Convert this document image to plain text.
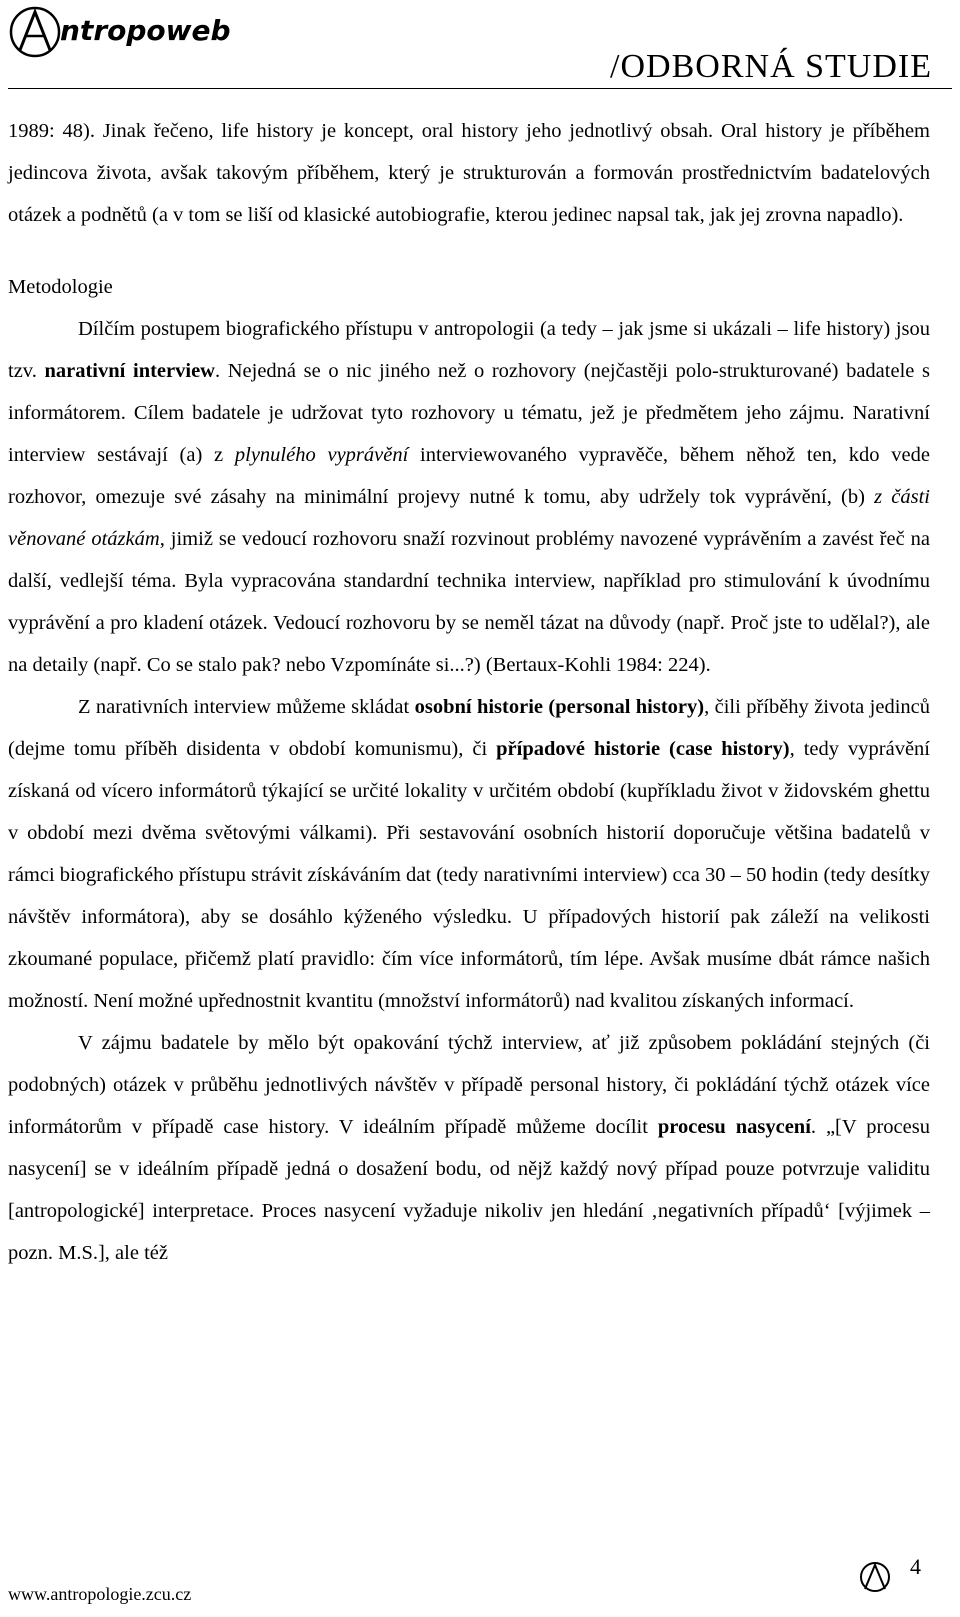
ntropoweb
/ODBORNÁ STUDIE

1989: 48). Jinak řečeno, life history je koncept, oral history jeho jednotlivý obsah. Oral history je příběhem jedincova života, avšak takovým příběhem, který je strukturován a formován prostřednictvím badatelových otázek a podnětů (a v tom se liší od klasické autobiografie, kterou jedinec napsal tak, jak jej zrovna napadlo).

Metodologie

Dílčím postupem biografického přístupu v antropologii (a tedy – jak jsme si ukázali – life history) jsou tzv. narativní interview. Nejedná se o nic jiného než o rozhovory (nejčastěji polo-strukturované) badatele s informátorem. Cílem badatele je udržovat tyto rozhovory u tématu, jež je předmětem jeho zájmu. Narativní interview sestávají (a) z plynulého vyprávění interviewovaného vypravěče, během něhož ten, kdo vede rozhovor, omezuje své zásahy na minimální projevy nutné k tomu, aby udržely tok vyprávění, (b) z části věnované otázkám, jimiž se vedoucí rozhovoru snaží rozvinout problémy navozené vyprávěním a zavést řeč na další, vedlejší téma. Byla vypracována standardní technika interview, například pro stimulování k úvodnímu vyprávění a pro kladení otázek. Vedoucí rozhovoru by se neměl tázat na důvody (např. Proč jste to udělal?), ale na detaily (např. Co se stalo pak? nebo Vzpomínáte si...?) (Bertaux-Kohli 1984: 224).

Z narativních interview můžeme skládat osobní historie (personal history), čili příběhy života jedinců (dejme tomu příběh disidenta v období komunismu), či případové historie (case history), tedy vyprávění získaná od vícero informátorů týkající se určité lokality v určitém období (kupříkladu život v židovském ghettu v období mezi dvěma světovými válkami). Při sestavování osobních historií doporučuje většina badatelů v rámci biografického přístupu strávit získáváním dat (tedy narativními interview) cca 30 – 50 hodin (tedy desítky návštěv informátora), aby se dosáhlo kýženého výsledku. U případových historií pak záleží na velikosti zkoumané populace, přičemž platí pravidlo: čím více informátorů, tím lépe. Avšak musíme dbát rámce našich možností. Není možné upřednostnit kvantitu (množství informátorů) nad kvalitou získaných informací.

V zájmu badatele by mělo být opakování týchž interview, ať již způsobem pokládání stejných (či podobných) otázek v průběhu jednotlivých návštěv v případě personal history, či pokládání týchž otázek více informátorům v případě case history. V ideálním případě můžeme docílit procesu nasycení. „[V procesu nasycení] se v ideálním případě jedná o dosažení bodu, od nějž každý nový případ pouze potvrzuje validitu [antropologické] interpretace. Proces nasycení vyžaduje nikoliv jen hledání ‚negativních případů‘ [výjimek – pozn. M.S.], ale též

www.antropologie.zcu.cz
4
